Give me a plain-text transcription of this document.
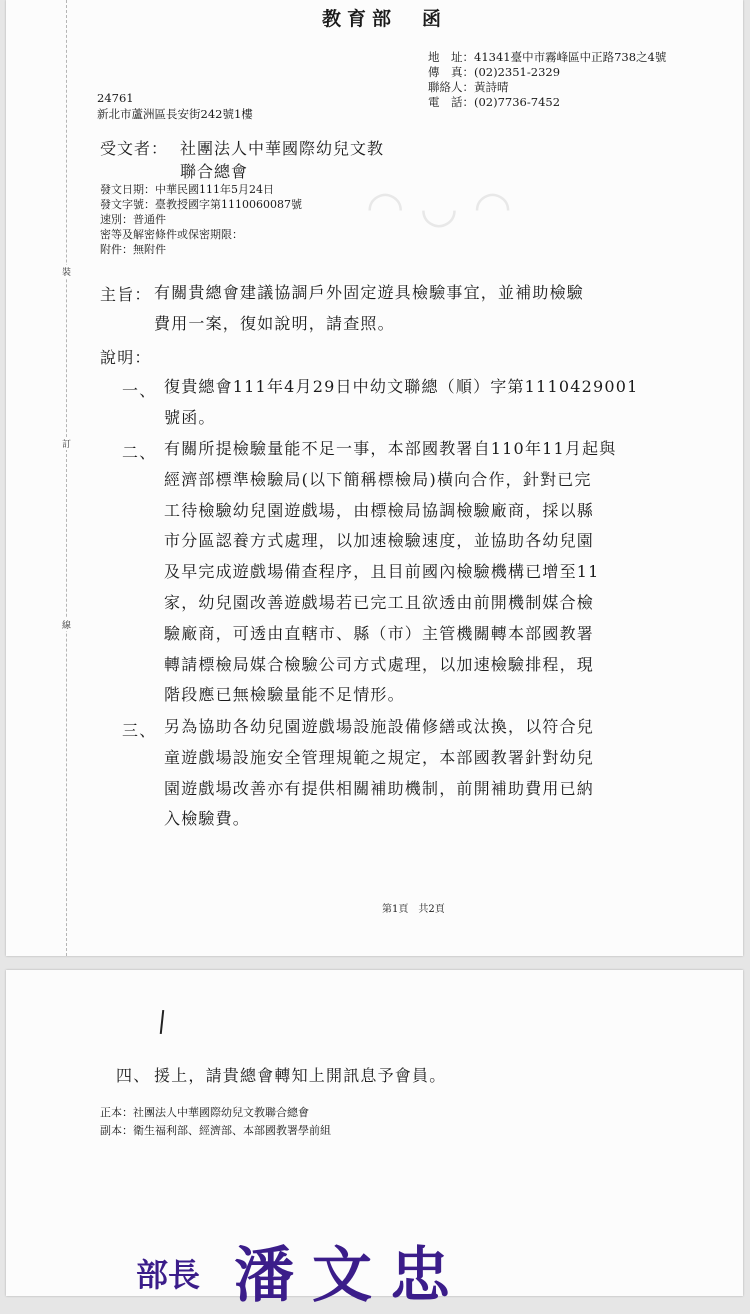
裝
訂
線
教育部　函
地　址：41341臺中市霧峰區中正路738之4號
傳　真：(02)2351-2329
聯絡人：黃詩晴
電　話：(02)7736-7452
24761
新北市蘆洲區長安街242號1樓
受文者： 社團法人中華國際幼兒文教
聯合總會
◠ ◡ ◠
發文日期：中華民國111年5月24日
發文字號：臺教授國字第1110060087號
速別：普通件
密等及解密條件或保密期限：
附件：無附件
主旨： 有關貴總會建議協調戶外固定遊具檢驗事宜，並補助檢驗
費用一案，復如說明，請查照。
說明：
一、 復貴總會111年4月29日中幼文聯總（順）字第1110429001
號函。
二、 有關所提檢驗量能不足一事，本部國教署自110年11月起與
經濟部標準檢驗局(以下簡稱標檢局)橫向合作，針對已完
工待檢驗幼兒園遊戲場，由標檢局協調檢驗廠商，採以縣
市分區認養方式處理，以加速檢驗速度，並協助各幼兒園
及早完成遊戲場備查程序，且目前國內檢驗機構已增至11
家，幼兒園改善遊戲場若已完工且欲透由前開機制媒合檢
驗廠商，可透由直轄市、縣（市）主管機關轉本部國教署
轉請標檢局媒合檢驗公司方式處理，以加速檢驗排程，現
階段應已無檢驗量能不足情形。
三、 另為協助各幼兒園遊戲場設施設備修繕或汰換，以符合兒
童遊戲場設施安全管理規範之規定，本部國教署針對幼兒
園遊戲場改善亦有提供相關補助機制，前開補助費用已納
入檢驗費。
第1頁　共2頁
四、 援上，請貴總會轉知上開訊息予會員。
正本：社團法人中華國際幼兒文教聯合總會
副本：衛生福利部、經濟部、本部國教署學前組
部長 潘文忠
